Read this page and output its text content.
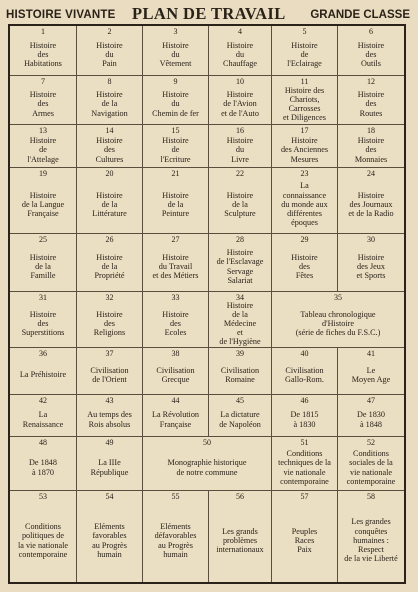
HISTOIRE VIVANTE PLAN DE TRAVAIL GRANDE CLASSE
1
Histoire
des
Habitations
2
Histoire
du
Pain
3
Histoire
du
Vêtement
4
Histoire
du
Chauffage
5
Histoire
de
l'Eclairage
6
Histoire
des
Outils
7
Histoire
des
Armes
8
Histoire
de la
Navigation
9
Histoire
du
Chemin de fer
10
Histoire
de l'Avion
et de l'Auto
11
Histoire des
Chariots,
Carrosses
et Diligences
12
Histoire
des
Routes
13
Histoire
de
l'Attelage
14
Histoire
des
Cultures
15
Histoire
de
l'Ecriture
16
Histoire
du
Livre
17
Histoire
des Anciennes
Mesures
18
Histoire
des
Monnaies
19
Histoire
de la Langue
Française
20
Histoire
de la
Littérature
21
Histoire
de la
Peinture
22
Histoire
de la
Sculpture
23
La
connaissance
du monde aux
différentes
époques
24
Histoire
des Journaux
et de la Radio
25
Histoire
de la
Famille
26
Histoire
de la
Propriété
27
Histoire
du Travail
et des Métiers
28
Histoire
de l'Esclavage
Servage
Salariat
29
Histoire
des
Fêtes
30
Histoire
des Jeux
et Sports
31
Histoire
des
Superstitions
32
Histoire
des
Religions
33
Histoire
des
Ecoles
34
Histoire
de la
Médecine
et
de l'Hygiène
35
Tableau chronologique
d'Histoire
(série de fiches du F.S.C.)
36
La Préhistoire
37
Civilisation
de l'Orient
38
Civilisation
Grecque
39
Civilisation
Romaine
40
Civilisation
Gallo-Rom.
41
Le
Moyen Age
42
La
Renaissance
43
Au temps des
Rois absolus
44
La Révolution
Française
45
La dictature
de Napoléon
46
De 1815
à 1830
47
De 1830
à 1848
48
De 1848
à 1870
49
La IIIe
République
50
Monographie historique
de notre commune
51
Conditions
techniques de la
vie nationale
contemporaine
52
Conditions
sociales de la
vie nationale
contemporaine
53
Conditions
politiques de
la vie nationale
contemporaine
54
Eléments
favorables
au Progrès
humain
55
Eléments
défavorables
au Progrès
humain
56
Les grands
problèmes
internationaux
57
Peuples
Races
Paix
58
Les grandes
conquêtes
humaines :
Respect
de la vie Liberté
